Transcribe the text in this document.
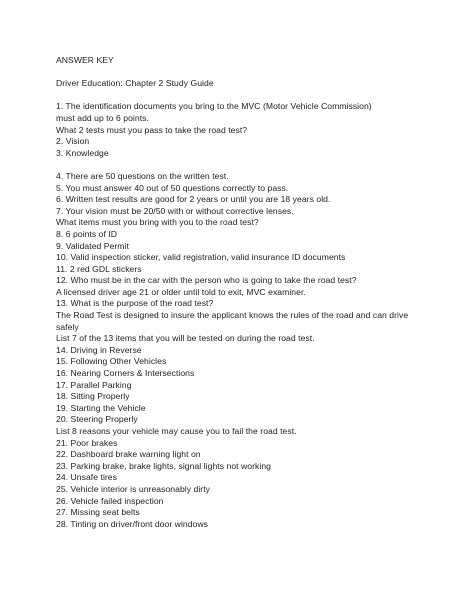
ANSWER KEY
Driver Education: Chapter 2 Study Guide
1. The identification documents you bring to the MVC (Motor Vehicle Commission)
must add up to 6 points.
What 2 tests must you pass to take the road test?
2. Vision
3. Knowledge
4. There are 50 questions on the written test.
5. You must answer 40 out of 50 questions correctly to pass.
6. Written test results are good for 2 years or until you are 18 years old.
7. Your vision must be 20/50 with or without corrective lenses.
What items must you bring with you to the road test?
8. 6 points of ID
9. Validated Permit
10. Valid inspection sticker, valid registration, valid insurance ID documents
11. 2 red GDL stickers
12. Who must be in the car with the person who is going to take the road test?
A licensed driver age 21 or older until told to exit, MVC examiner.
13. What is the purpose of the road test?
The Road Test is designed to insure the applicant knows the rules of the road and can drive safely
List 7 of the 13 items that you will be tested on during the road test.
14. Driving in Reverse
15. Following Other Vehicles
16. Nearing Corners & Intersections
17. Parallel Parking
18. Sitting Properly
19. Starting the Vehicle
20. Steering Properly
List 8 reasons your vehicle may cause you to fail the road test.
21. Poor brakes
22. Dashboard brake warning light on
23. Parking brake, brake lights, signal lights not working
24. Unsafe tires
25. Vehicle interior is unreasonably dirty
26. Vehicle failed inspection
27. Missing seat belts
28. Tinting on driver/front door windows
